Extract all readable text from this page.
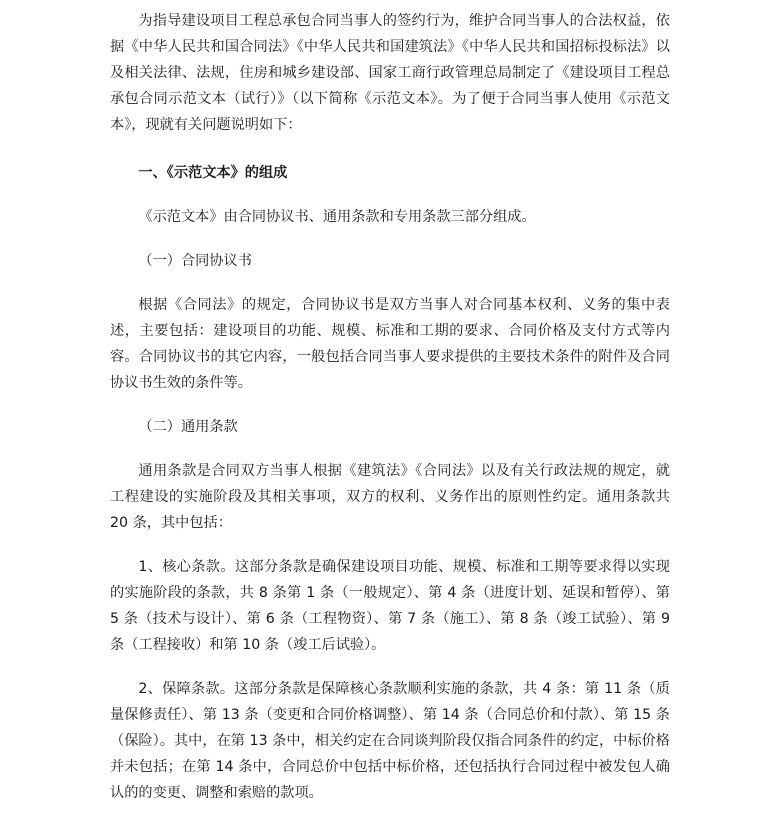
为指导建设项目工程总承包合同当事人的签约行为，维护合同当事人的合法权益，依据《中华人民共和国合同法》《中华人民共和国建筑法》《中华人民共和国招标投标法》以及相关法律、法规，住房和城乡建设部、国家工商行政管理总局制定了《建设项目工程总承包合同示范文本（试行）》（以下简称《示范文本》。为了便于合同当事人使用《示范文本》，现就有关问题说明如下：

一、《示范文本》的组成

《示范文本》由合同协议书、通用条款和专用条款三部分组成。

（一）合同协议书

根据《合同法》的规定，合同协议书是双方当事人对合同基本权利、义务的集中表述，主要包括：建设项目的功能、规模、标准和工期的要求、合同价格及支付方式等内容。合同协议书的其它内容，一般包括合同当事人要求提供的主要技术条件的附件及合同协议书生效的条件等。

（二）通用条款

通用条款是合同双方当事人根据《建筑法》《合同法》以及有关行政法规的规定，就工程建设的实施阶段及其相关事项，双方的权利、义务作出的原则性约定。通用条款共 20 条，其中包括：

1、核心条款。这部分条款是确保建设项目功能、规模、标准和工期等要求得以实现的实施阶段的条款，共 8 条第 1 条（一般规定）、第 4 条（进度计划、延误和暂停）、第 5 条（技术与设计）、第 6 条（工程物资）、第 7 条（施工）、第 8 条（竣工试验）、第 9 条（工程接收）和第 10 条（竣工后试验）。

2、保障条款。这部分条款是保障核心条款顺利实施的条款，共 4 条：第 11 条（质量保修责任）、第 13 条（变更和合同价格调整）、第 14 条（合同总价和付款）、第 15 条（保险）。其中，在第 13 条中，相关约定在合同谈判阶段仅指合同条件的约定，中标价格并未包括；在第 14 条中，合同总价中包括中标价格，还包括执行合同过程中被发包人确认的的变更、调整和索赔的款项。
